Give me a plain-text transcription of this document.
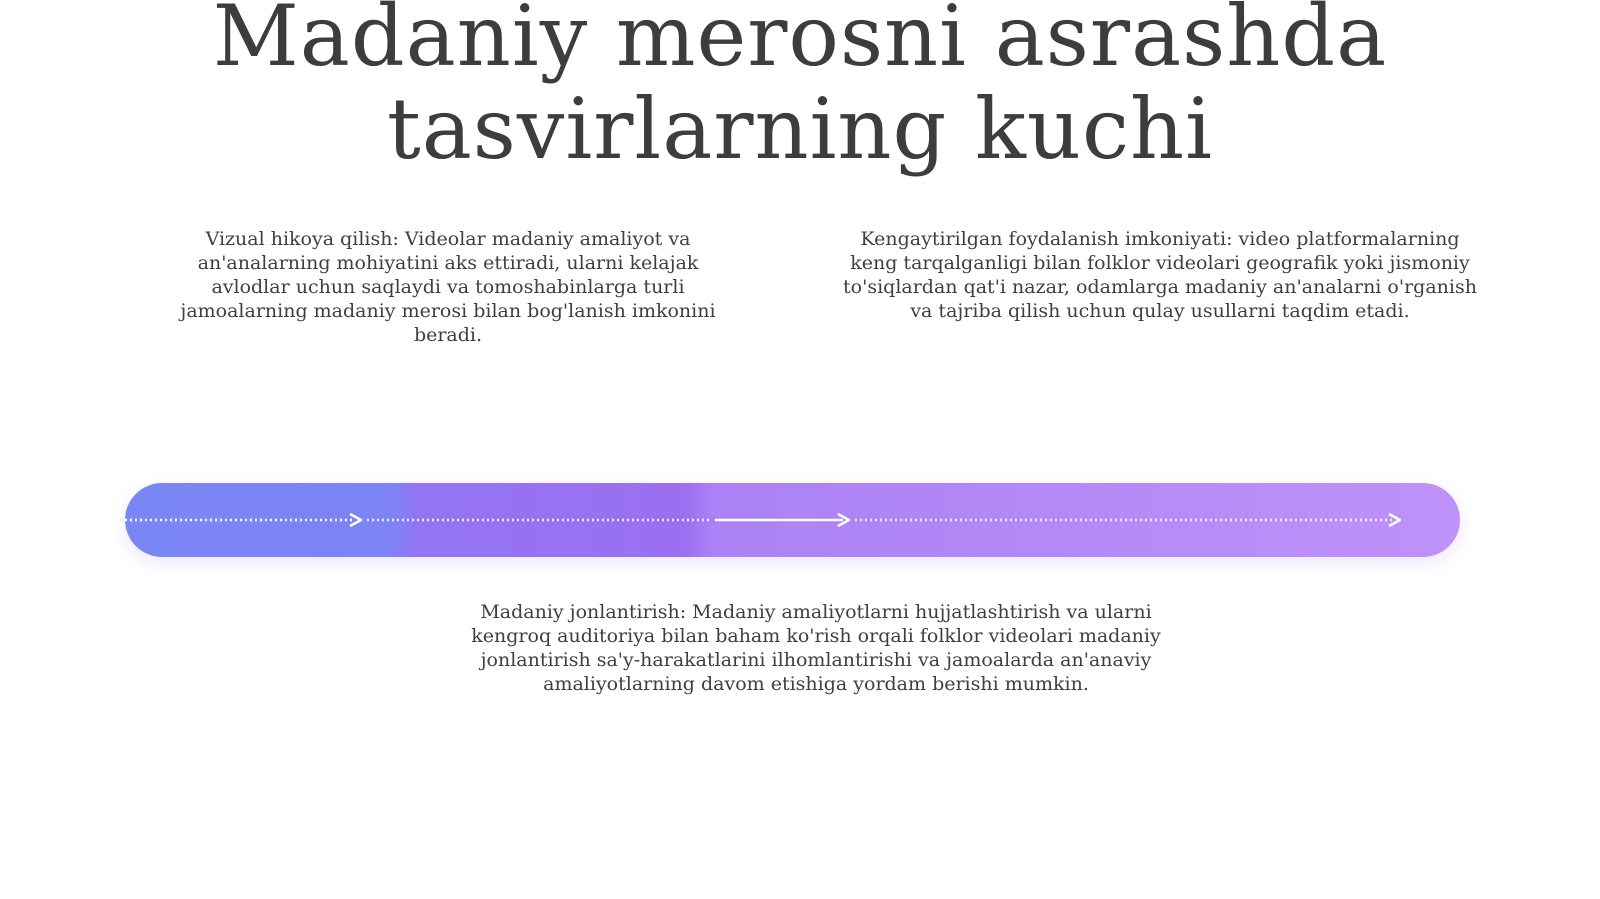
Madaniy merosni asrashda
tasvirlarning kuchi

Vizual hikoya qilish: Videolar madaniy amaliyot va an'analarning mohiyatini aks ettiradi, ularni kelajak avlodlar uchun saqlaydi va tomoshabinlarga turli jamoalarning madaniy merosi bilan bog'lanish imkonini beradi.

Kengaytirilgan foydalanish imkoniyati: video platformalarning keng tarqalganligi bilan folklor videolari geografik yoki jismoniy to'siqlardan qat'i nazar, odamlarga madaniy an'analarni o'rganish va tajriba qilish uchun qulay usullarni taqdim etadi.

Madaniy jonlantirish: Madaniy amaliyotlarni hujjatlashtirish va ularni kengroq auditoriya bilan baham ko'rish orqali folklor videolari madaniy jonlantirish sa'y-harakatlarini ilhomlantirishi va jamoalarda an'anaviy amaliyotlarning davom etishiga yordam berishi mumkin.
